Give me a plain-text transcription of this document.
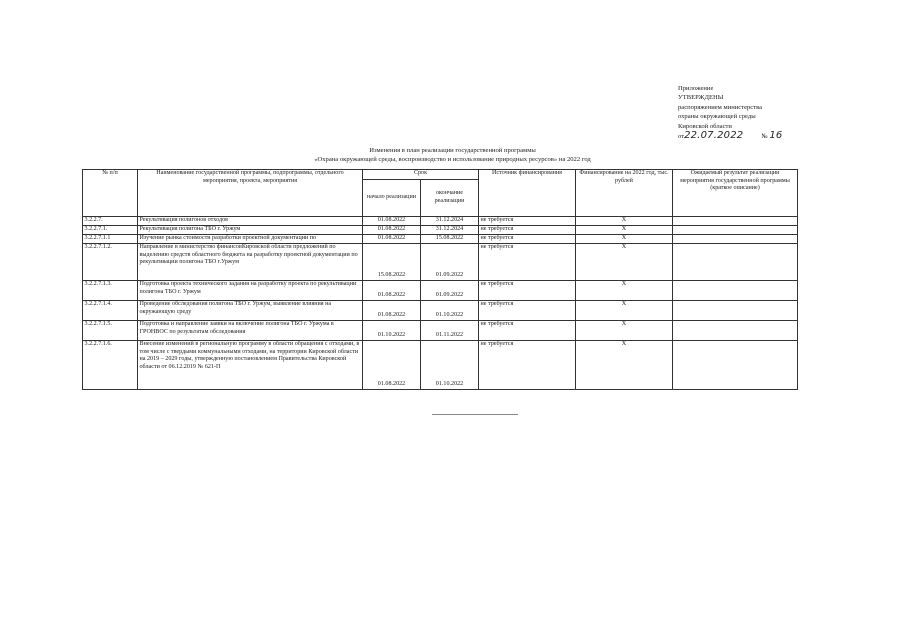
Приложение
УТВЕРЖДЕНЫ
распоряжением министерства
охраны окружающей среды
Кировской области
от22.07.2022	№ 16
Изменения в план реализации государственной программы
«Охрана окружающей среды, воспроизводство и использование природных ресурсов» на 2022 год
№ п/п	Наименование государственной программы, подпрограммы, отдельного мероприятия, проекта, мероприятия	Срок		Источник финансирования	Финансирование на 2022 год, тыс. рублей	Ожидаемый результат реализации мероприятия государственной программы (краткое описание)
		начало реализации	окончание реализации			
3.2.2.7.	Рекультивация полигонов отходов	01.08.2022	31.12.2024	не требуется	X	
3.2.2.7.1.	Рекультивация полигона ТБО г. Уржум	01.08.2022	31.12.2024	не требуется	X	
3.2.2.7.1.1	Изучение рынка стоимости разработки проектной документации по	01.08.2022	15.08.2022	не требуется	X	
3.2.2.7.1.2.	Направление в министерство финансовКировской области предложений по выделению средств областного бюджета на разработку проектной документации по рекультивации полигона ТБО г.Уржум	15.08.2022	01.09.2022	не требуется	X	
3.2.2.7.1.3.	Подготовка проекта технического задания на разработку проекта по рекультивации полигона ТБО г. Уржум	01.08.2022	01.09.2022	не требуется	X	
3.2.2.7.1.4.	Проведение обследования полигона ТБО г. Уржум, выявление влияния на окружающую среду	01.08.2022	01.10.2022	не требуется	X	
3.2.2.7.1.5.	Подготовка и направление заявки на включение полигона ТБО г. Уржума в ГРОНВОС по результатам обследования	01.10.2022	01.11.2022	не требуется	X	
3.2.2.7.1.6.	Внесение изменений в региональную программу в области обращения с отходами, в том числе с твердыми коммунальными отходами, на территории Кировской области на 2019 – 2029 годы, утвержденную постановлением Правительства Кировской области от 06.12.2019 № 621-П	01.08.2022	01.10.2022	не требуется	X	
